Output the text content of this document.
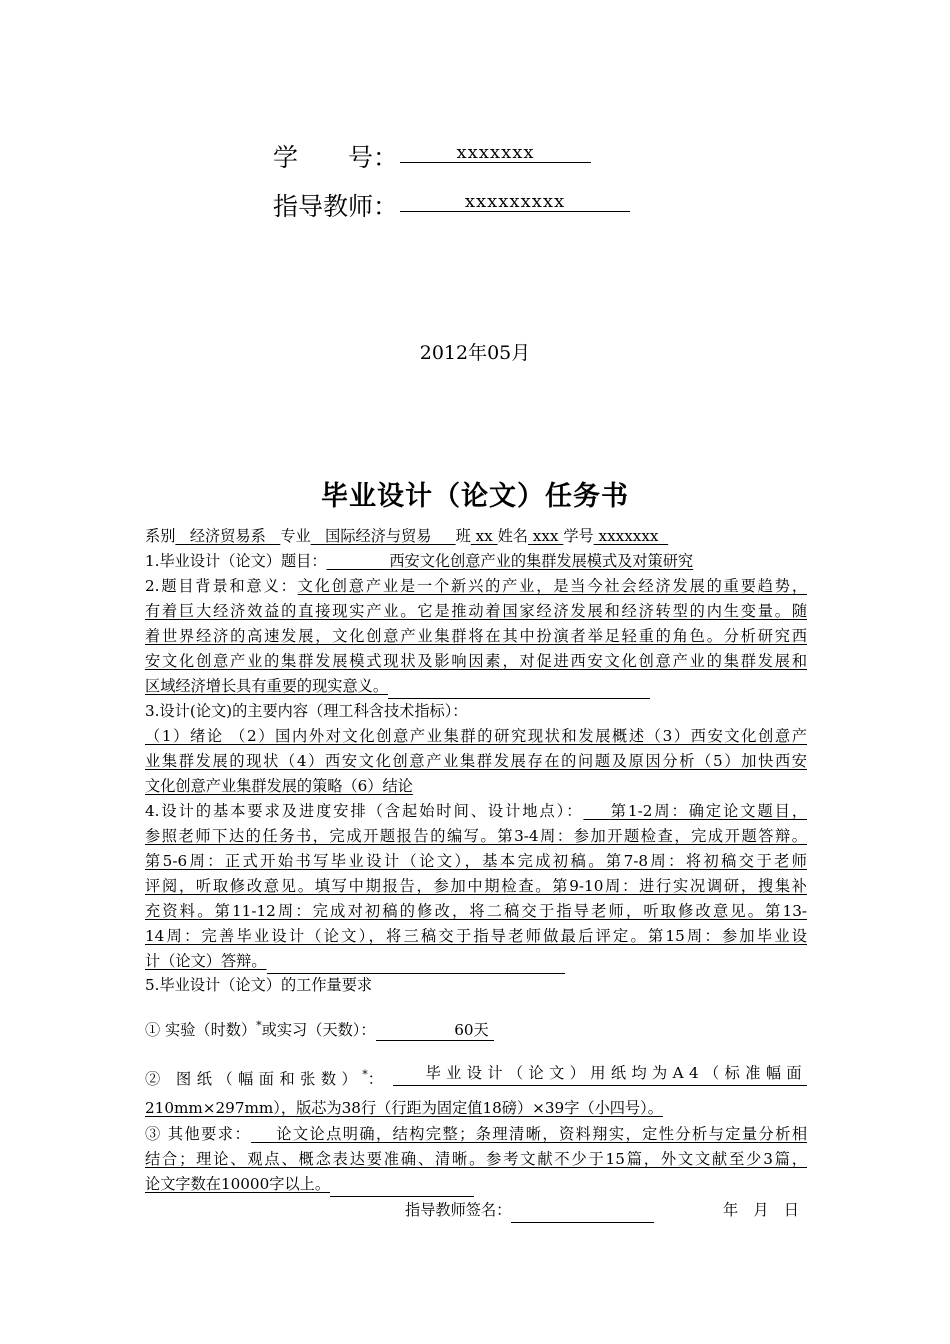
学　　号：	xxxxxxx
指导教师：	xxxxxxxxx
2012年05月
毕业设计（论文）任务书
系别 经济贸易系 专业 国际经济与贸易 班 xx 姓名 xxx 学号 xxxxxxx
1.毕业设计（论文）题目：	西安文化创意产业的集群发展模式及对策研究
2.题目背景和意义：文化创意产业是一个新兴的产业，是当今社会经济发展的重要趋势，
有着巨大经济效益的直接现实产业。它是推动着国家经济发展和经济转型的内生变量。随
着世界经济的高速发展，文化创意产业集群将在其中扮演者举足轻重的角色。分析研究西
安文化创意产业的集群发展模式现状及影响因素，对促进西安文化创意产业的集群发展和
区域经济增长具有重要的现实意义。
3.设计(论文)的主要内容（理工科含技术指标）：
（1）绪论 （2）国内外对文化创意产业集群的研究现状和发展概述（3）西安文化创意产
业集群发展的现状（4）西安文化创意产业集群发展存在的问题及原因分析（5）加快西安
文化创意产业集群发展的策略（6）结论
4.设计的基本要求及进度安排（含起始时间、设计地点）： 第1-2周：确定论文题目，
参照老师下达的任务书，完成开题报告的编写。第3-4周：参加开题检查，完成开题答辩。
第5-6周：正式开始书写毕业设计（论文），基本完成初稿。第7-8周：将初稿交于老师
评阅，听取修改意见。填写中期报告，参加中期检查。第9-10周：进行实况调研，搜集补
充资料。第11-12周：完成对初稿的修改，将二稿交于指导老师，听取修改意见。第13-
14周：完善毕业设计（论文），将三稿交于指导老师做最后评定。第15周：参加毕业设
计（论文）答辩。
5.毕业设计（论文）的工作量要求
① 实验（时数）*或实习（天数）：	60天
② 图纸（幅面和张数）*：	毕业设计（论文）用纸均为A4（标准幅面
210mm×297mm），版芯为38行（行距为固定值18磅）×39字（小四号）。
③ 其他要求： 论文论点明确，结构完整；条理清晰，资料翔实，定性分析与定量分析相
结合；理论、观点、概念表达要准确、清晰。参考文献不少于15篇，外文文献至少3篇，
论文字数在10000字以上。
指导教师签名：	年　月　日
